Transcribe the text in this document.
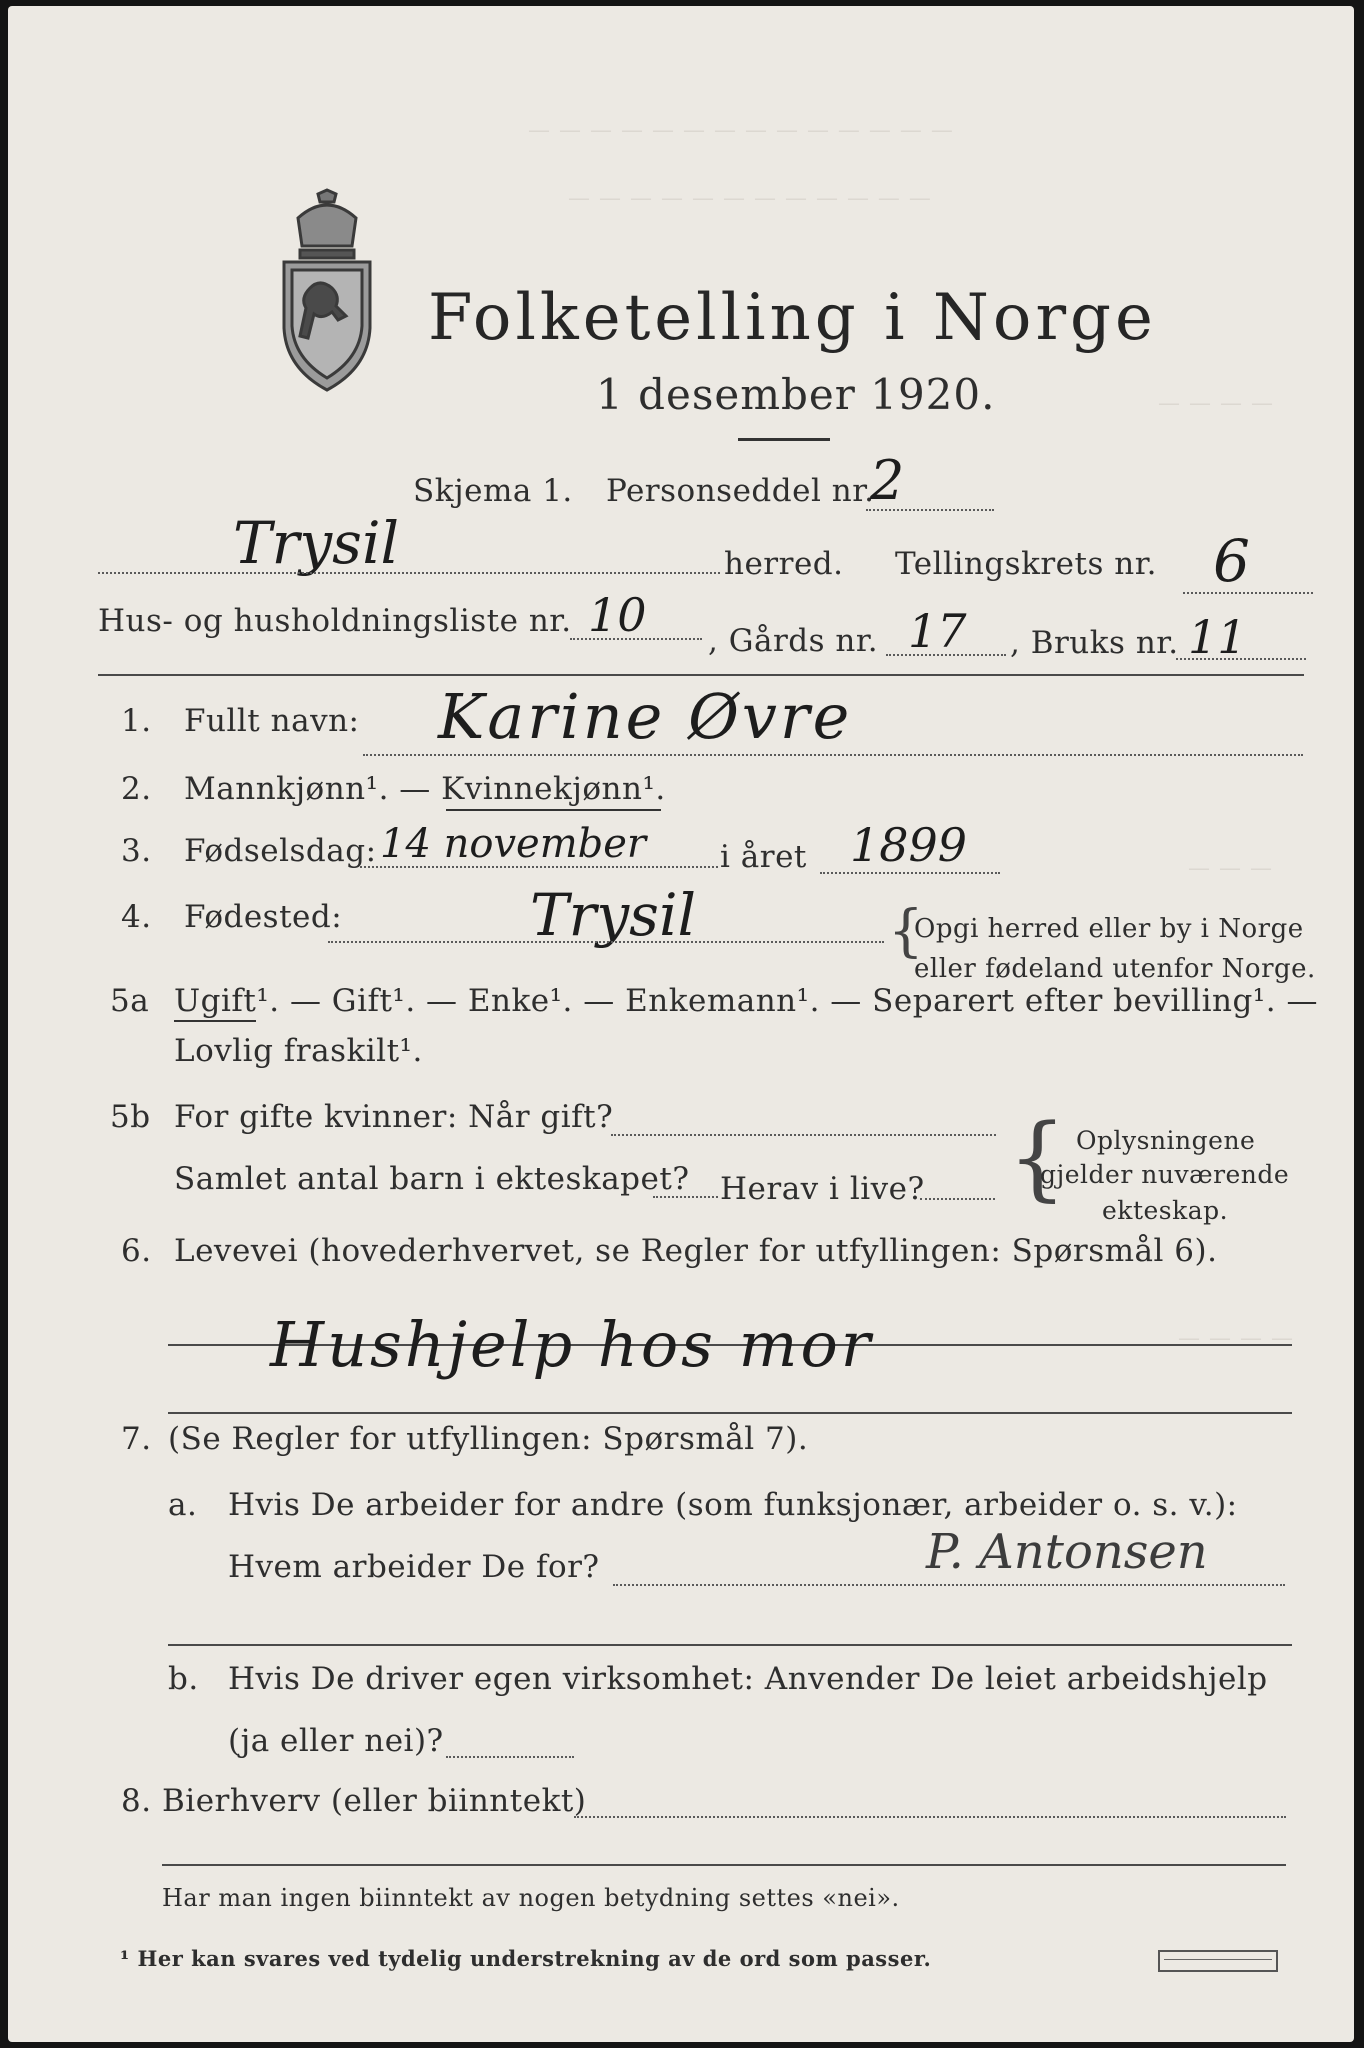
— — — — — — — — — — — — — —
— — — — — — — — — — — —
— — — —
— — —
— — — —
Folketelling i Norge
1 desember 1920.
Skjema 1. Personseddel nr.
2
Trysil	herred. Tellingskrets nr. 6
Hus- og husholdningsliste nr. 10 , Gårds nr. 17 , Bruks nr. 11
1. Fullt navn: Karine Øvre
2. Mannkjønn¹. — Kvinnekjønn¹.
3. Fødselsdag: 14 november i året 1899
4. Fødested:	Trysil	{
Opgi herred eller by i Norge
eller fødeland utenfor Norge.
5a Ugift¹. — Gift¹. — Enke¹. — Enkemann¹. — Separert efter bevilling¹. —
Lovlig fraskilt¹.
5b For gifte kvinner: Når gift?
Samlet antal barn i ekteskapet? Herav i live? { Oplysningene
gjelder nuværende
ekteskap.
6. Levevei (hovederhvervet, se Regler for utfyllingen: Spørsmål 6).
Hushjelp hos mor
7. (Se Regler for utfyllingen: Spørsmål 7).
a. Hvis De arbeider for andre (som funksjonær, arbeider o. s. v.):
Hvem arbeider De for?	P. Antonsen
b. Hvis De driver egen virksomhet: Anvender De leiet arbeidshjelp
(ja eller nei)?
8. Bierhverv (eller biinntekt)
Har man ingen biinntekt av nogen betydning settes «nei».
¹ Her kan svares ved tydelig understrekning av de ord som passer.
